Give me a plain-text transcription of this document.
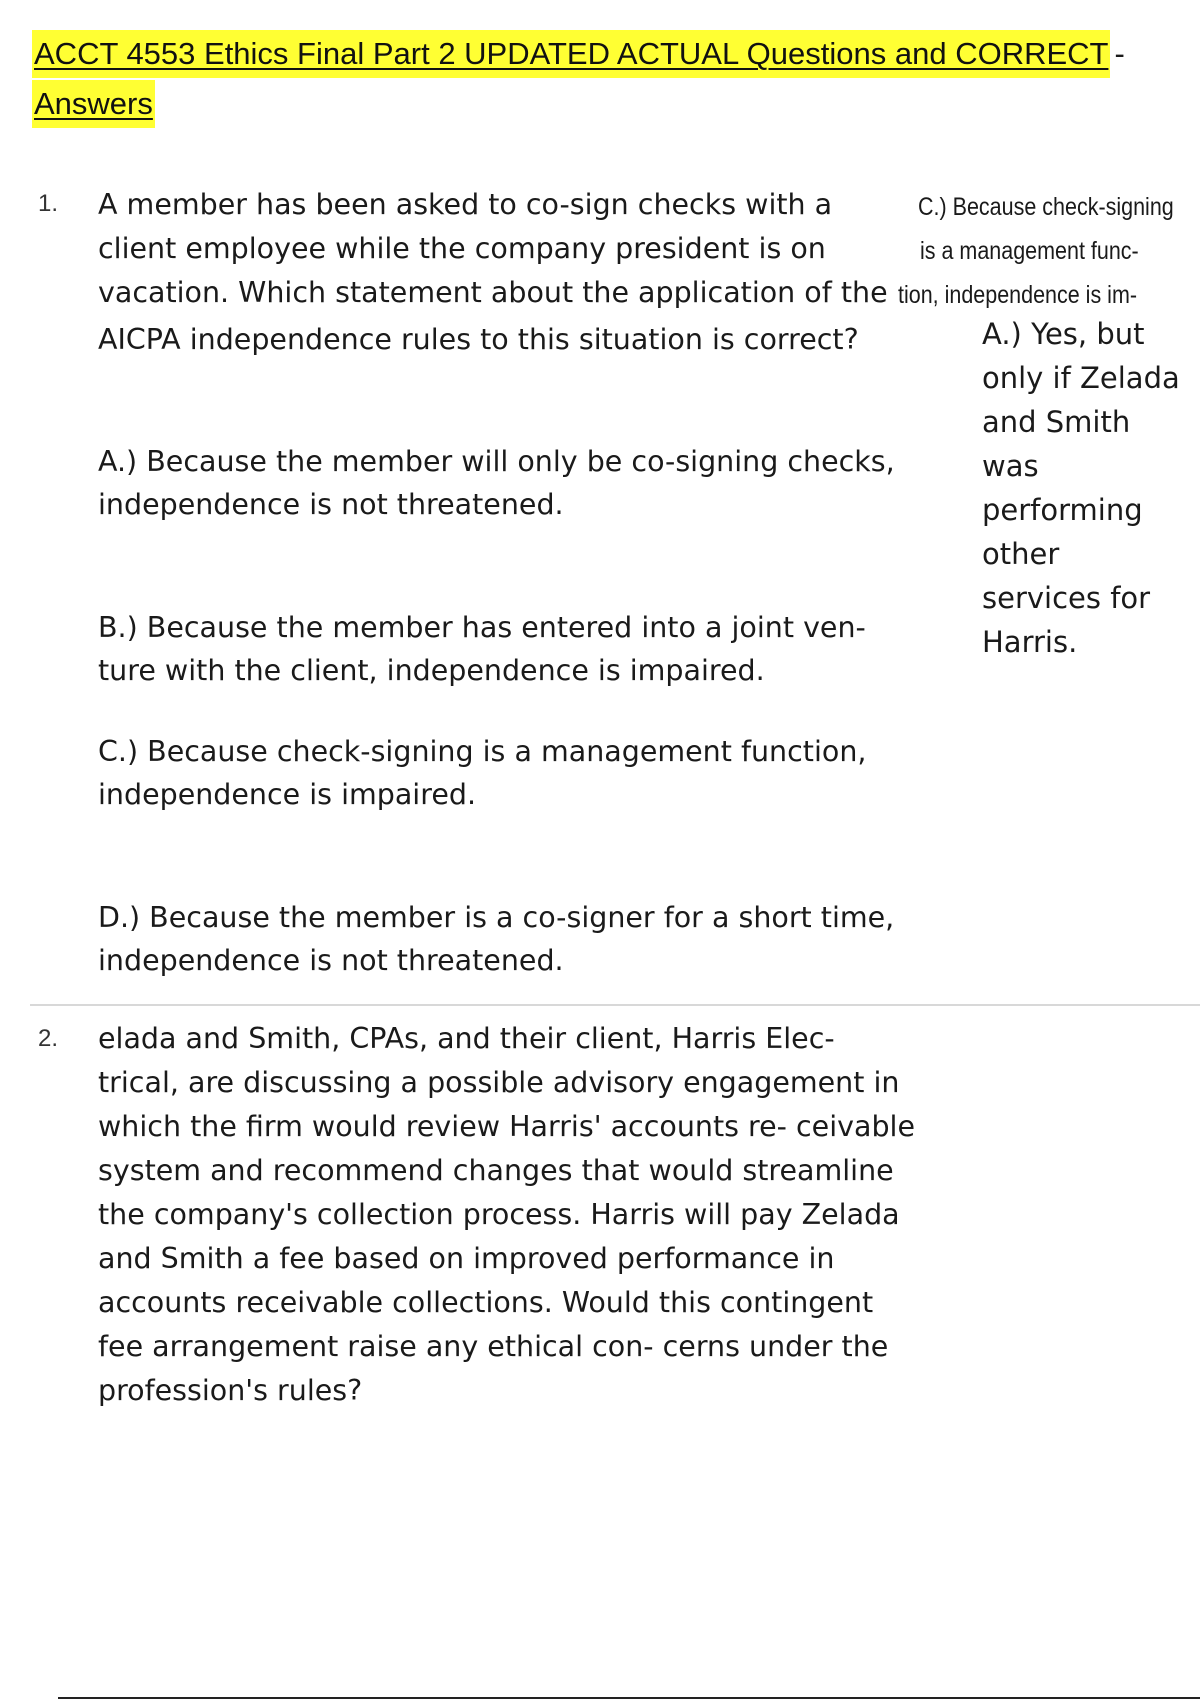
ACCT 4553 Ethics Final Part 2 UPDATED ACTUAL Questions and CORRECT -
Answers
1. A member has been asked to co-sign checks with a
client employee while the company president is on
vacation. Which statement about the application of the
AICPA independence rules to this situation is correct?
C.) Because check-signing
is a management func-
tion, independence is im-
A.) Yes, but only if Zelada and Smith was performing other services for Harris.
A.) Because the member will only be co-signing checks, independence is not threatened.
B.) Because the member has entered into a joint ven- ture with the client, independence is impaired.
C.) Because check-signing is a management function, independence is impaired.
D.) Because the member is a co-signer for a short time, independence is not threatened.
2. elada and Smith, CPAs, and their client, Harris Elec- trical, are discussing a possible advisory engagement in which the firm would review Harris' accounts re- ceivable system and recommend changes that would streamline the company's collection process. Harris will pay Zelada and Smith a fee based on improved performance in accounts receivable collections. Would this contingent fee arrangement raise any ethical con- cerns under the profession's rules?
